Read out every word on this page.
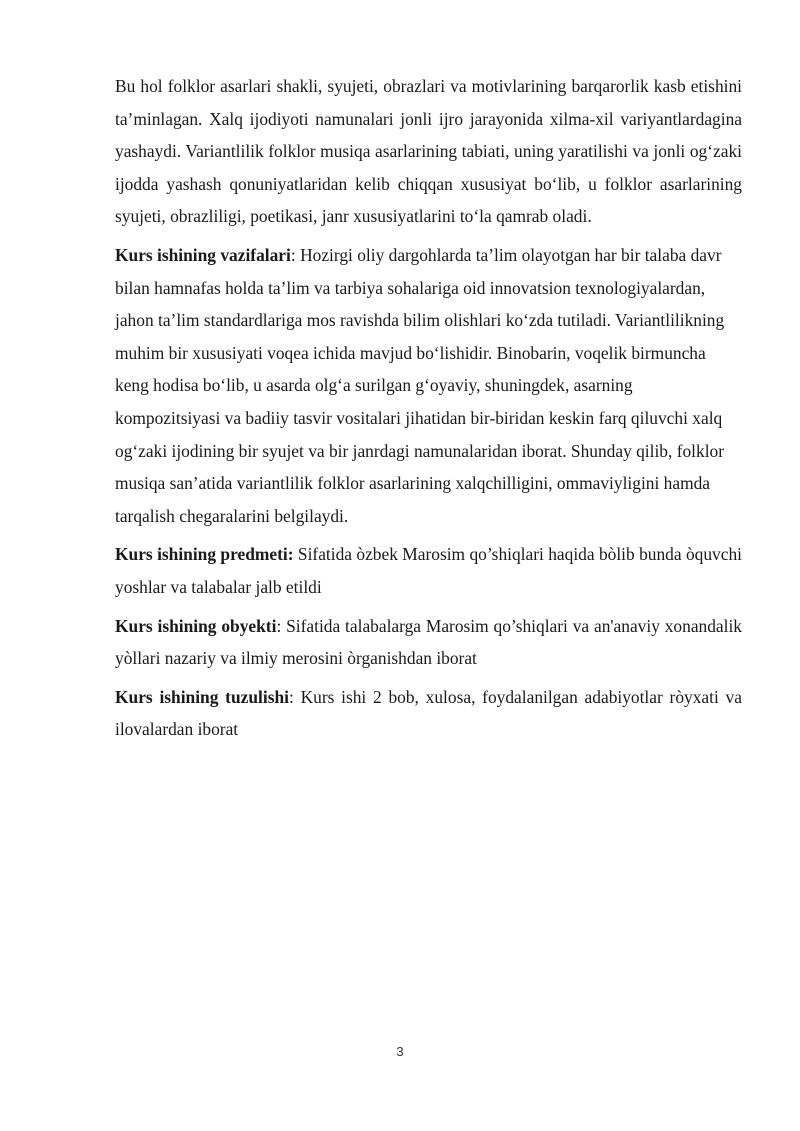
Bu hol folklor asarlari shakli, syujeti, obrazlari va motivlarining barqarorlik kasb etishini taʼminlagan. Xalq ijodiyoti namunalari jonli ijro jarayonida xilma-xil variyantlardagina yashaydi. Variantlilik folklor musiqa asarlarining tabiati, uning yaratilishi va jonli ogʻzaki ijodda yashash qonuniyatlaridan kelib chiqqan xususiyat boʻlib, u folklor asarlarining syujeti, obrazliligi, poetikasi, janr xususiyatlarini toʻla qamrab oladi.

Kurs ishining vazifalari: Hozirgi oliy dargohlarda ta’lim olayotgan har bir talaba davr bilan hamnafas holda ta’lim va tarbiya sohalariga oid innovatsion texnologiyalardan, jahon ta’lim standardlariga mos ravishda bilim olishlari koʻzda tutiladi. Variantlilikning muhim bir xususiyati voqea ichida mavjud boʻlishidir. Binobarin, voqelik birmuncha keng hodisa boʻlib, u asarda olgʻa surilgan gʻoyaviy, shuningdek, asarning kompozitsiyasi va badiiy tasvir vositalari jihatidan bir-biridan keskin farq qiluvchi xalq ogʻzaki ijodining bir syujet va bir janrdagi namunalaridan iborat. Shunday qilib, folklor musiqa san’atida variantlilik folklor asarlarining xalqchilligini, ommaviyligini hamda tarqalish chegaralarini belgilaydi.

Kurs ishining predmeti: Sifatida òzbek Marosim qo’shiqlari haqida bòlib bunda òquvchi yoshlar va talabalar jalb etildi

Kurs ishining obyekti: Sifatida talabalarga Marosim qo’shiqlari va an'anaviy xonandalik yòllari nazariy va ilmiy merosini òrganishdan iborat

Kurs ishining tuzulishi: Kurs ishi 2 bob, xulosa, foydalanilgan adabiyotlar ròyxati va ilovalardan iborat

3
